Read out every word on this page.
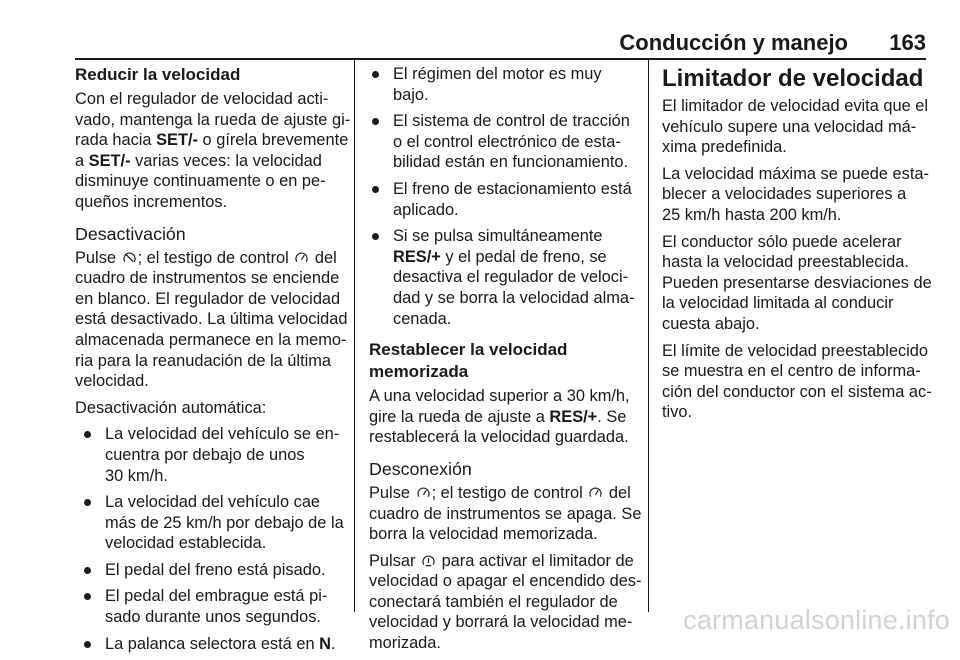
Conducción y manejo 163
Reducir la velocidad

Con el regulador de velocidad acti-
vado, mantenga la rueda de ajuste gi-
rada hacia SET/- o gírela brevemente
a SET/- varias veces: la velocidad
disminuye continuamente o en pe-
queños incrementos.

Desactivación

Pulse ; el testigo de control  del
cuadro de instrumentos se enciende
en blanco. El regulador de velocidad
está desactivado. La última velocidad
almacenada permanece en la memo-
ria para la reanudación de la última
velocidad.

Desactivación automática:

La velocidad del vehículo se en-
cuentra por debajo de unos
30 km/h.
La velocidad del vehículo cae
más de 25 km/h por debajo de la
velocidad establecida.
El pedal del freno está pisado.
El pedal del embrague está pi-
sado durante unos segundos.
La palanca selectora está en N.
El régimen del motor es muy
bajo.
El sistema de control de tracción
o el control electrónico de esta-
bilidad están en funcionamiento.
El freno de estacionamiento está
aplicado.
Si se pulsa simultáneamente
RES/+ y el pedal de freno, se
desactiva el regulador de veloci-
dad y se borra la velocidad alma-
cenada.
Restablecer la velocidad
memorizada

A una velocidad superior a 30 km/h,
gire la rueda de ajuste a RES/+. Se
restablecerá la velocidad guardada.

Desconexión

Pulse ; el testigo de control  del
cuadro de instrumentos se apaga. Se
borra la velocidad memorizada.

Pulsar  para activar el limitador de
velocidad o apagar el encendido des-
conectará también el regulador de
velocidad y borrará la velocidad me-
morizada.

Limitador de velocidad

El limitador de velocidad evita que el
vehículo supere una velocidad má-
xima predefinida.

La velocidad máxima se puede esta-
blecer a velocidades superiores a
25 km/h hasta 200 km/h.

El conductor sólo puede acelerar
hasta la velocidad preestablecida.
Pueden presentarse desviaciones de
la velocidad limitada al conducir
cuesta abajo.

El límite de velocidad preestablecido
se muestra en el centro de informa-
ción del conductor con el sistema ac-
tivo.

carmanualsonline.info
